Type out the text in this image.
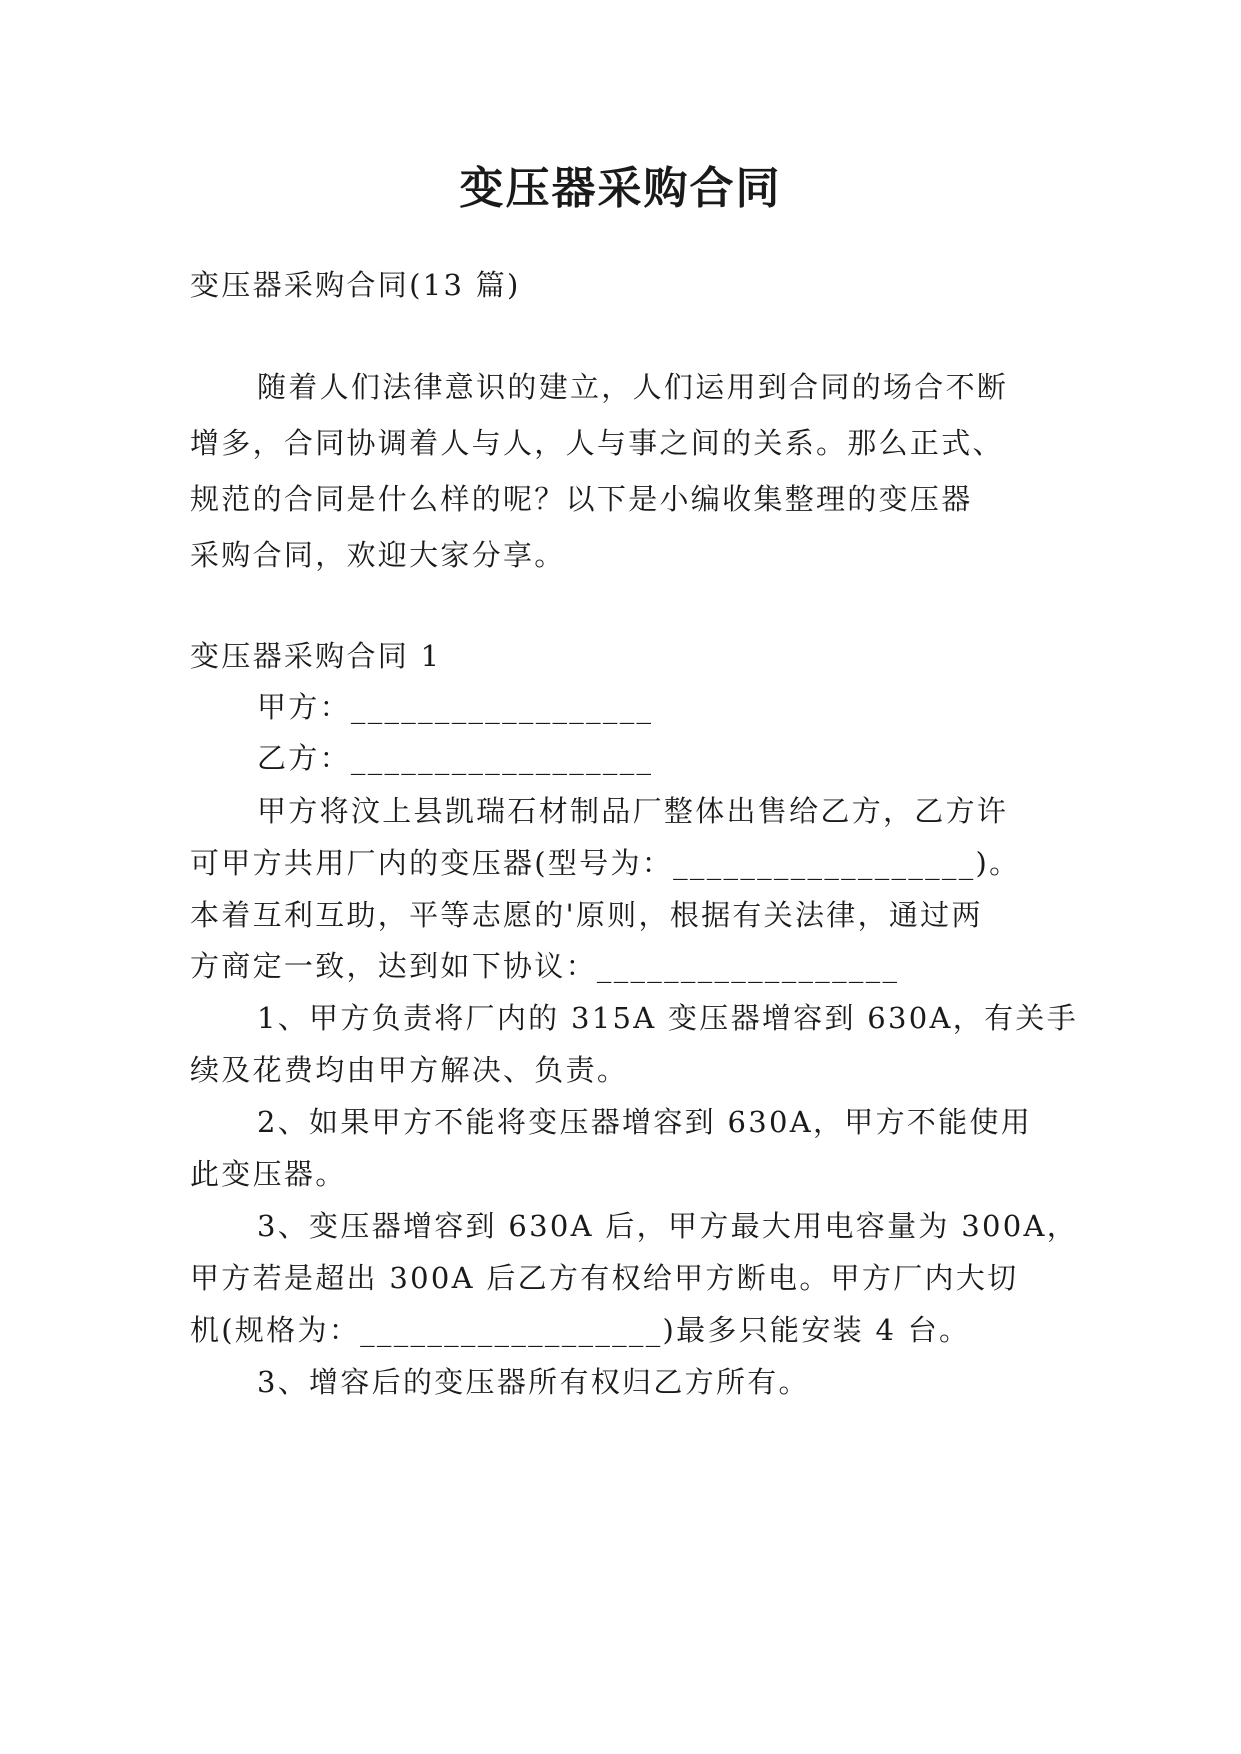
变压器采购合同
变压器采购合同(13 篇)
随着人们法律意识的建立，人们运用到合同的场合不断
增多，合同协调着人与人，人与事之间的关系。那么正式、
规范的合同是什么样的呢？以下是小编收集整理的变压器
采购合同，欢迎大家分享。
变压器采购合同 1
甲方：__________________
乙方：__________________
甲方将汶上县凯瑞石材制品厂整体出售给乙方，乙方许
可甲方共用厂内的变压器(型号为：__________________)。
本着互利互助，平等志愿的'原则，根据有关法律，通过两
方商定一致，达到如下协议：__________________
1、甲方负责将厂内的 315A 变压器增容到 630A，有关手
续及花费均由甲方解决、负责。
2、如果甲方不能将变压器增容到 630A，甲方不能使用
此变压器。
3、变压器增容到 630A 后，甲方最大用电容量为 300A，
甲方若是超出 300A 后乙方有权给甲方断电。甲方厂内大切
机(规格为：__________________)最多只能安装 4 台。
3、增容后的变压器所有权归乙方所有。
